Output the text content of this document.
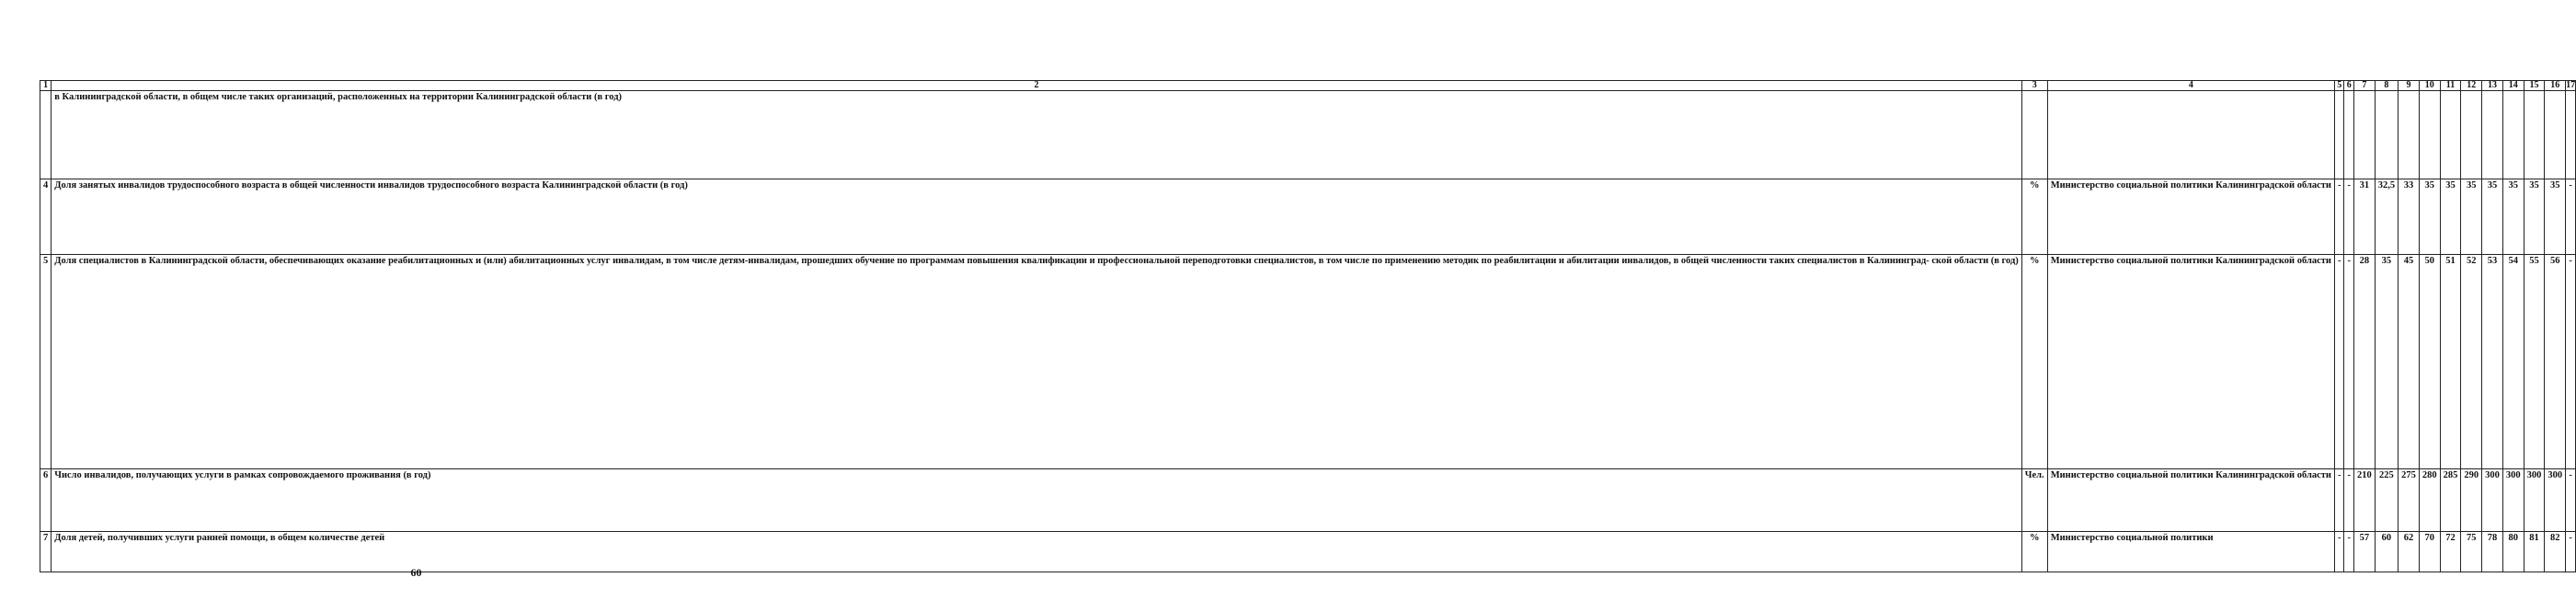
1	2	3	4	5	6	7	8	9	10	11	12	13	14	15	16	17
	в Калининградской области, в общем числе таких организаций, расположенных на территории Калининградской области (в год)															
4	Доля занятых инвалидов трудоспособного возраста в общей численности инвалидов трудоспособного возраста Калининградской области (в год)	%	Министерство социальной политики Калининградской области	-	-	31	32,5	33	35	35	35	35	35	35	35	-
5	Доля специалистов в Калининградской области, обеспечивающих оказание реабилитационных и (или) абилитационных услуг инвалидам, в том числе детям-инвалидам, прошедших обучение по программам повышения квалификации и профессиональной переподготовки специалистов, в том числе по применению методик по реабилитации и абилитации инвалидов, в общей численности таких специалистов в Калининград- ской области (в год)	%	Министерство социальной политики Калининградской области	-	-	28	35	45	50	51	52	53	54	55	56	-
6	Число инвалидов, получающих услуги в рамках сопровождаемого проживания (в год)	Чел.	Министерство социальной политики Калининградской области	-	-	210	225	275	280	285	290	300	300	300	300	-
7	Доля детей, получивших услуги ранней помощи, в общем количестве детей	%	Министерство социальной политики	-	-	57	60	62	70	72	75	78	80	81	82	-
60
